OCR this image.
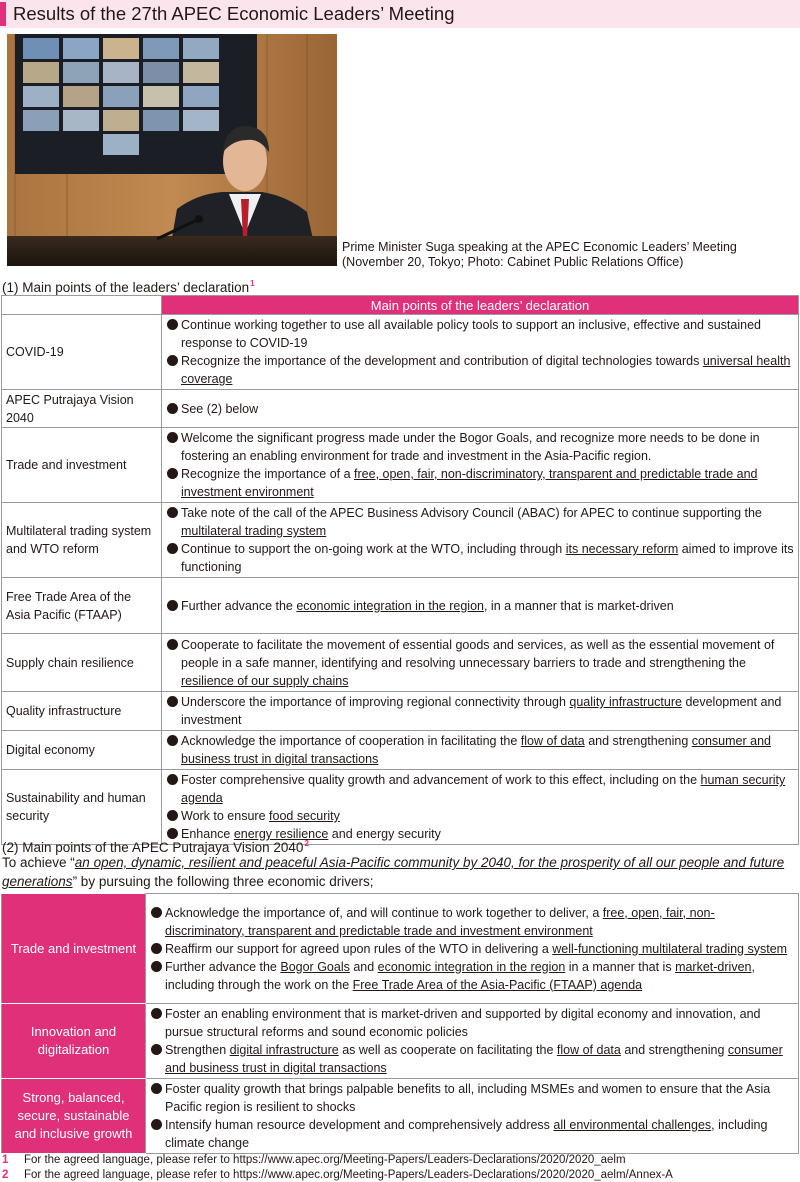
Results of the 27th APEC Economic Leaders’ Meeting
Prime Minister Suga speaking at the APEC Economic Leaders’ Meeting (November 20, Tokyo; Photo: Cabinet Public Relations Office)
(1) Main points of the leaders’ declaration$^1$
	Main points of the leaders’ declaration
COVID-19	Continue working together to use all available policy tools to support an inclusive, effective and sustained response to COVID-19
Recognize the importance of the development and contribution of digital technologies towards universal health coverage

APEC Putrajaya Vision 2040	See (2) below

Trade and investment	Welcome the significant progress made under the Bogor Goals, and recognize more needs to be done in fostering an enabling environment for trade and investment in the Asia-Pacific region.
Recognize the importance of a free, open, fair, non-discriminatory, transparent and predictable trade and investment environment

Multilateral trading system and WTO reform	Take note of the call of the APEC Business Advisory Council (ABAC) for APEC to continue supporting the multilateral trading system
Continue to support the on-going work at the WTO, including through its necessary reform aimed to improve its functioning

Free Trade Area of the Asia Pacific (FTAAP)	Further advance the economic integration in the region, in a manner that is market-driven

Supply chain resilience	Cooperate to facilitate the movement of essential goods and services, as well as the essential movement of people in a safe manner, identifying and resolving unnecessary barriers to trade and strengthening the resilience of our supply chains

Quality infrastructure	Underscore the importance of improving regional connectivity through quality infrastructure development and investment

Digital economy	Acknowledge the importance of cooperation in facilitating the flow of data and strengthening consumer and business trust in digital transactions

Sustainability and human security	Foster comprehensive quality growth and advancement of work to this effect, including on the human security agenda
Work to ensure food security
Enhance energy resilience and energy security
(2) Main points of the APEC Putrajaya Vision 2040$^2$
To achieve “an open, dynamic, resilient and peaceful Asia-Pacific community by 2040, for the prosperity of all our people and future generations” by pursuing the following three economic drivers;
Trade and investment	Acknowledge the importance of, and will continue to work together to deliver, a free, open, fair, non-discriminatory, transparent and predictable trade and investment environment
Reaffirm our support for agreed upon rules of the WTO in delivering a well-functioning multilateral trading system
Further advance the Bogor Goals and economic integration in the region in a manner that is market-driven, including through the work on the Free Trade Area of the Asia-Pacific (FTAAP) agenda

Innovation and digitalization	Foster an enabling environment that is market-driven and supported by digital economy and innovation, and pursue structural reforms and sound economic policies
Strengthen digital infrastructure as well as cooperate on facilitating the flow of data and strengthening consumer and business trust in digital transactions

Strong, balanced, secure, sustainable and inclusive growth	Foster quality growth that brings palpable benefits to all, including MSMEs and women to ensure that the Asia Pacific region is resilient to shocks
Intensify human resource development and comprehensively address all environmental challenges, including climate change
1 For the agreed language, please refer to https://www.apec.org/Meeting-Papers/Leaders-Declarations/2020/2020_aelm
2 For the agreed language, please refer to https://www.apec.org/Meeting-Papers/Leaders-Declarations/2020/2020_aelm/Annex-A
